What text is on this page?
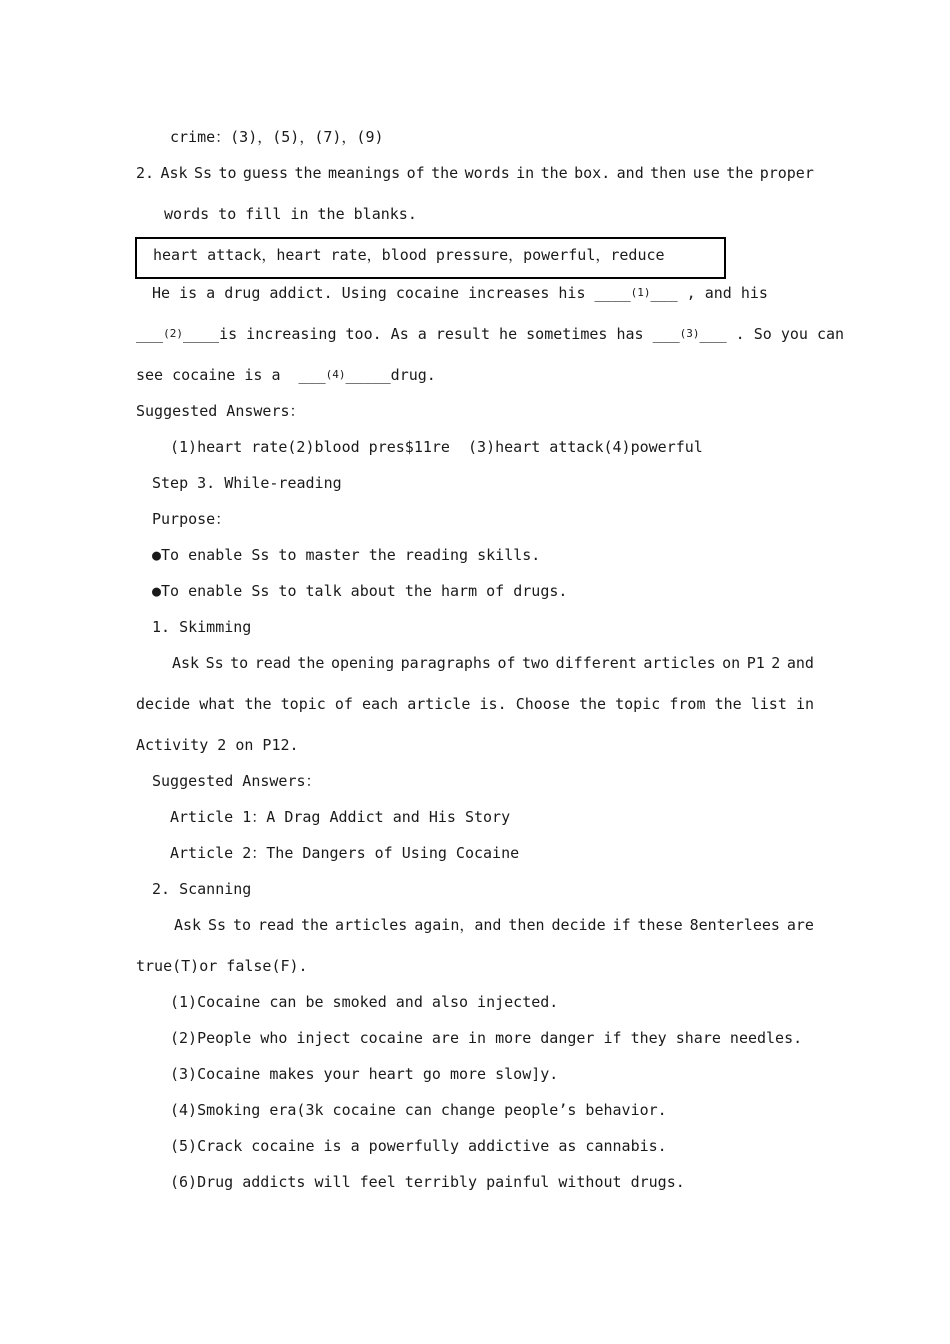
crime：(3)，(5)，(7)，(9)
2. Ask Ss to guess the meanings of the words in the box. and then use the proper
words to fill in the blanks.
heart attack，heart rate，blood pressure，powerful，reduce
He is a drug addict. Using cocaine increases his ____(1)___ , and his
___(2)____is increasing too. As a result he sometimes has ___(3)___ . So you can
see cocaine is a  ___(4)_____drug.
Suggested Answers：
(1)heart rate(2)blood pres$11re  (3)heart attack(4)powerful
Step 3. While-reading
Purpose：
●To enable Ss to master the reading skills.
●To enable Ss to talk about the harm of drugs.
1. Skimming
Ask Ss to read the opening paragraphs of two different articles on P1 2 and
decide what the topic of each article is. Choose the topic from the list in
Activity 2 on P12.
Suggested Answers：
Article 1：A Drag Addict and His Story
Article 2：The Dangers of Using Cocaine
2. Scanning
Ask Ss to read the articles again，and then decide if these 8enterlees are
true(T)or false(F).
(1)Cocaine can be smoked and also injected.
(2)People who inject cocaine are in more danger if they share needles.
(3)Cocaine makes your heart go more slow]y.
(4)Smoking era(3k cocaine can change people’s behavior.
(5)Crack cocaine is a powerfully addictive as cannabis.
(6)Drug addicts will feel terribly painful without drugs.
